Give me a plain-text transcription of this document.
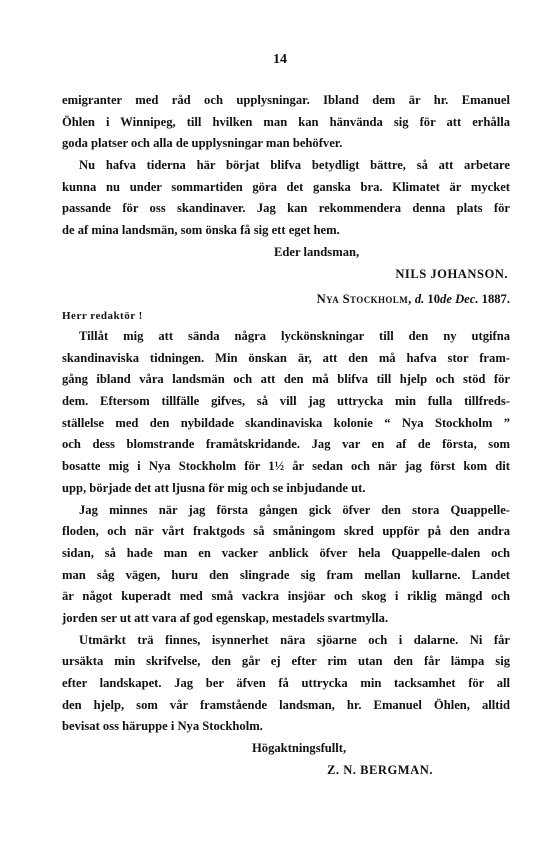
14
emigranter med råd och upplysningar. Ibland dem är hr. Emanuel
Öhlen i Winnipeg, till hvilken man kan hänvända sig för att erhålla
goda platser och alla de upplysningar man behöfver.
Nu hafva tiderna här börjat blifva betydligt bättre, så att arbetare
kunna nu under sommartiden göra det ganska bra. Klimatet är mycket
passande för oss skandinaver. Jag kan rekommendera denna plats för
de af mina landsmän, som önska få sig ett eget hem.
Eder landsman,
NILS JOHANSON.
Nya Stockholm, d. 10de Dec. 1887.
Herr redaktör !
Tillåt mig att sända några lyckönskningar till den ny utgifna
skandinaviska tidningen. Min önskan är, att den må hafva stor fram-
gång ibland våra landsmän och att den må blifva till hjelp och stöd för
dem. Eftersom tillfälle gifves, så vill jag uttrycka min fulla tillfreds-
ställelse med den nybildade skandinaviska kolonie “ Nya Stockholm ”
och dess blomstrande framåtskridande. Jag var en af de första, som
bosatte mig i Nya Stockholm för 1½ år sedan och när jag först kom dit
upp, började det att ljusna för mig och se inbjudande ut.
Jag minnes när jag första gången gick öfver den stora Quappelle-
floden, och när vårt fraktgods så småningom skred uppför på den andra
sidan, så hade man en vacker anblick öfver hela Quappelle-dalen och
man såg vägen, huru den slingrade sig fram mellan kullarne. Landet
är något kuperadt med små vackra insjöar och skog i riklig mängd och
jorden ser ut att vara af god egenskap, mestadels svartmylla.
Utmärkt trä finnes, isynnerhet nära sjöarne och i dalarne. Ni får
ursäkta min skrifvelse, den går ej efter rim utan den får lämpa sig
efter landskapet. Jag ber äfven få uttrycka min tacksamhet för all
den hjelp, som vår framstående landsman, hr. Emanuel Öhlen, alltid
bevisat oss häruppe i Nya Stockholm.
Högaktningsfullt,
Z. N. BERGMAN.
